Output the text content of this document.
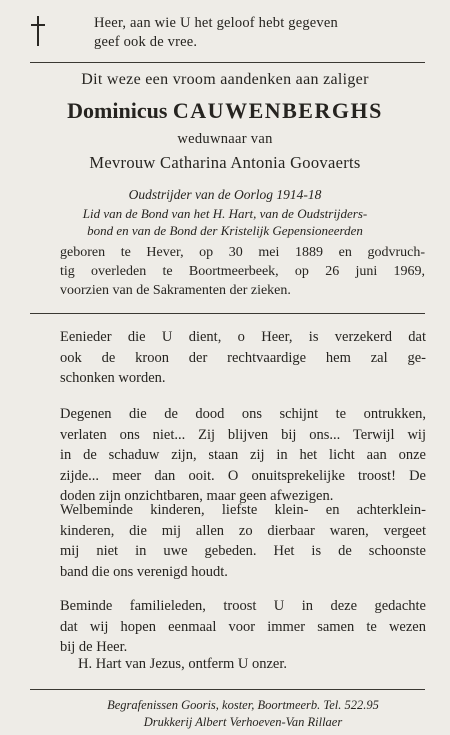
Heer, aan wie U het geloof hebt gegeven
geef ook de vree.
Dit weze een vroom aandenken aan zaliger
Dominicus CAUWENBERGHS
weduwnaar van
Mevrouw Catharina Antonia Goovaerts
Oudstrijder van de Oorlog 1914-18
Lid van de Bond van het H. Hart, van de Oudstrijders-
bond en van de Bond der Kristelijk Gepensioneerden
geboren te Hever, op 30 mei 1889 en godvruch-
tig overleden te Boortmeerbeek, op 26 juni 1969,
voorzien van de Sakramenten der zieken.
Eenieder die U dient, o Heer, is verzekerd dat
ook de kroon der rechtvaardige hem zal ge-
schonken worden.
Degenen die de dood ons schijnt te ontrukken,
verlaten ons niet... Zij blijven bij ons... Terwijl wij
in de schaduw zijn, staan zij in het licht aan onze
zijde... meer dan ooit. O onuitsprekelijke troost! De
doden zijn onzichtbaren, maar geen afwezigen.
Welbeminde kinderen, liefste klein- en achterklein-
kinderen, die mij allen zo dierbaar waren, vergeet
mij niet in uwe gebeden. Het is de schoonste
band die ons verenigd houdt.
Beminde familieleden, troost U in deze gedachte
dat wij hopen eenmaal voor immer samen te wezen
bij de Heer.
H. Hart van Jezus, ontferm U onzer.
Begrafenissen Gooris, koster, Boortmeerb. Tel. 522.95
Drukkerij Albert Verhoeven-Van Rillaer
